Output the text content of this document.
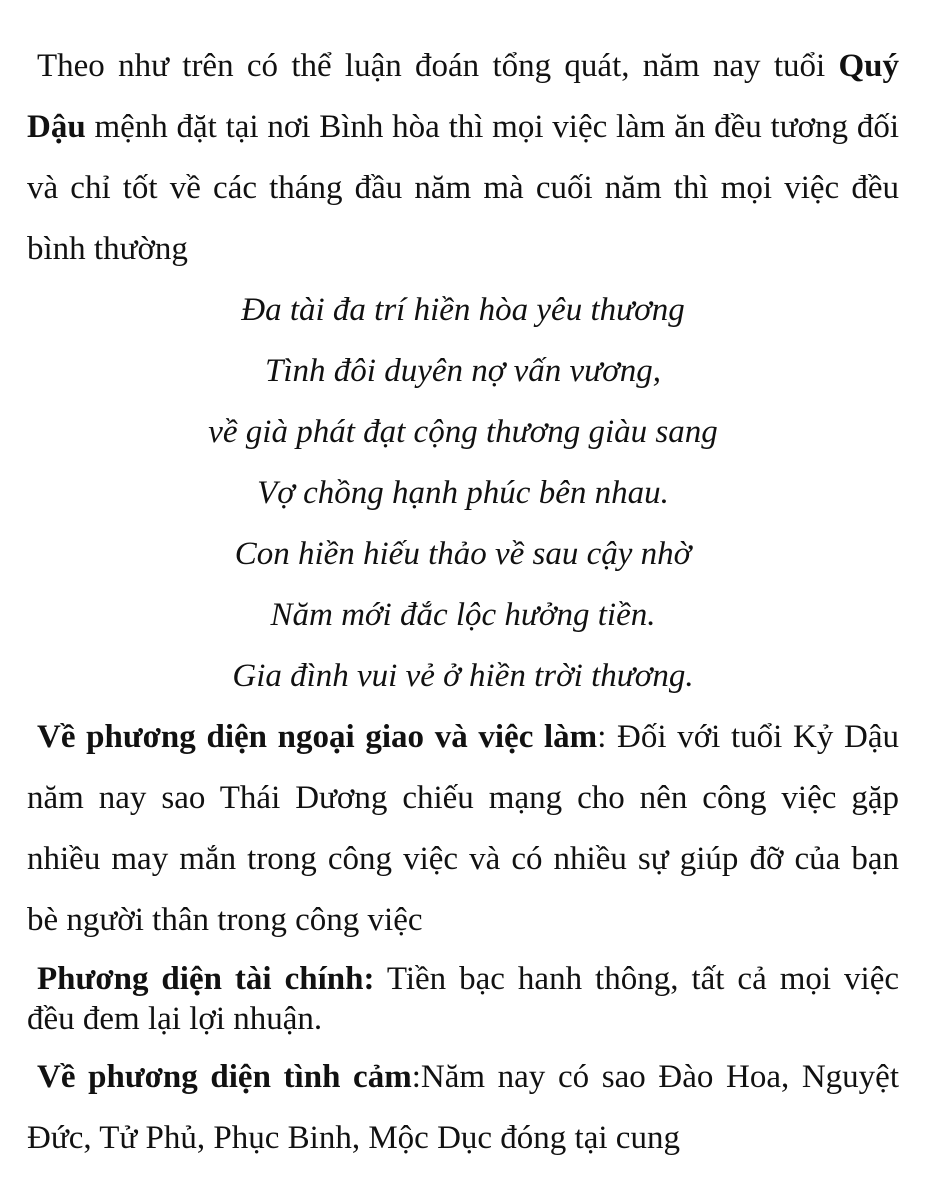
Theo như trên có thể luận đoán tổng quát, năm nay tuổi Quý Dậu mệnh đặt tại nơi Bình hòa thì mọi việc làm ăn đều tương đối và chỉ tốt về các tháng đầu năm mà cuối năm thì mọi việc đều bình thường

Đa tài đa trí hiền hòa yêu thương
Tình đôi duyên nợ vấn vương,
về già phát đạt cộng thương giàu sang
Vợ chồng hạnh phúc bên nhau.
Con hiền hiếu thảo về sau cậy nhờ
Năm mới đắc lộc hưởng tiền.
Gia đình vui vẻ ở hiền trời thương.

Về phương diện ngoại giao và việc làm: Đối với tuổi Kỷ Dậu năm nay sao Thái Dương chiếu mạng cho nên công việc gặp nhiều may mắn trong công việc và có nhiều sự giúp đỡ của bạn bè người thân trong công việc

Phương diện tài chính: Tiền bạc hanh thông, tất cả mọi việc đều đem lại lợi nhuận.

Về phương diện tình cảm:Năm nay có sao Đào Hoa, Nguyệt Đức, Tử Phủ, Phục Binh, Mộc Dục đóng tại cung
